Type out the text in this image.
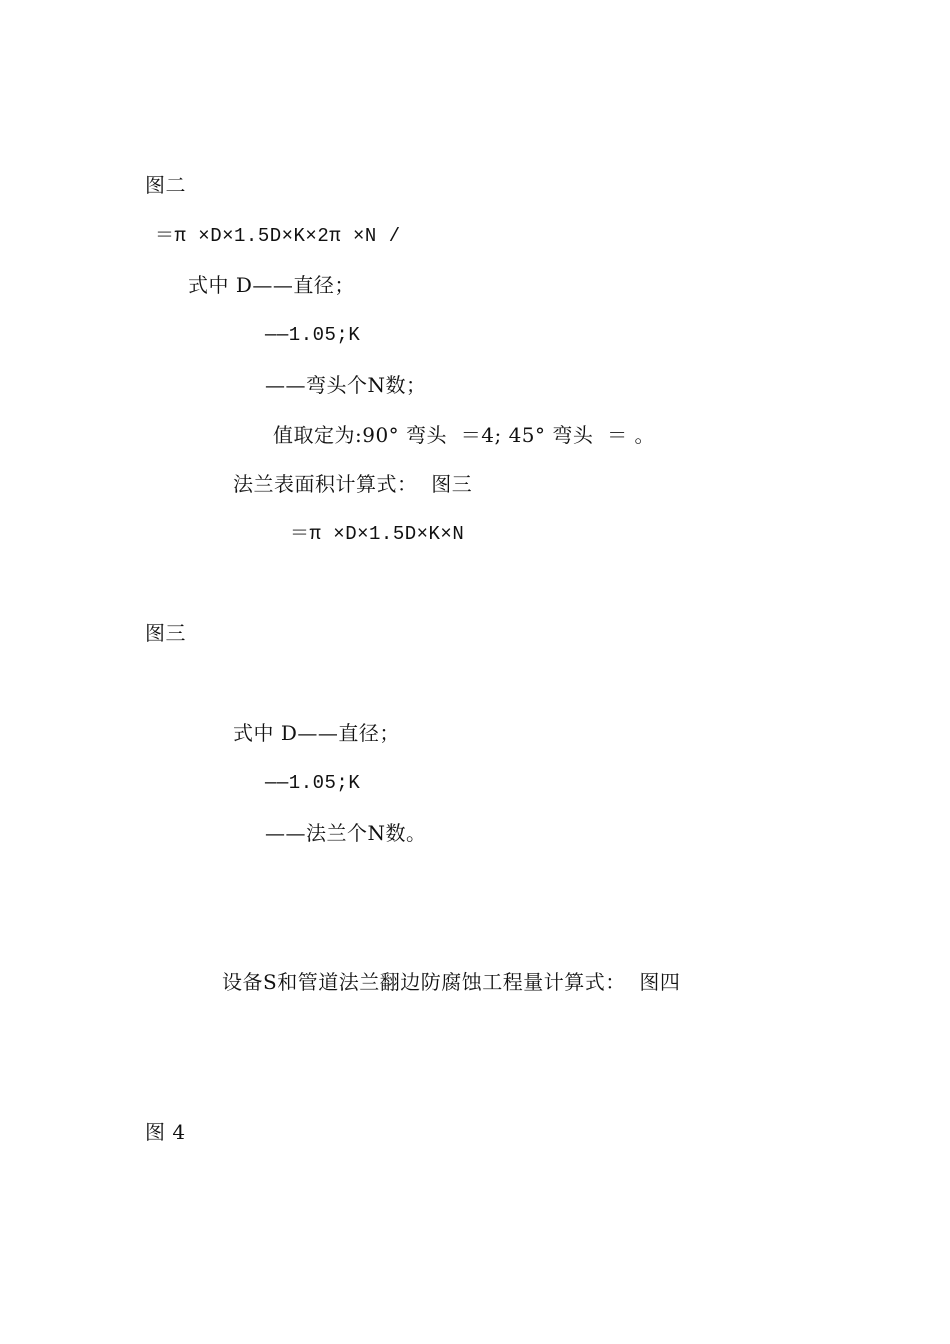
图二
＝π ×D×1.5D×K×2π ×N /
式中 D——直径；
——1.05;K
——弯头个N数；
值取定为:90° 弯头  ＝4; 45° 弯头  ＝ 。
法兰表面积计算式：  图三
＝π ×D×1.5D×K×N
图三
式中 D——直径；
——1.05;K
——法兰个N数。
设备S和管道法兰翻边防腐蚀工程量计算式：  图四
图 4
